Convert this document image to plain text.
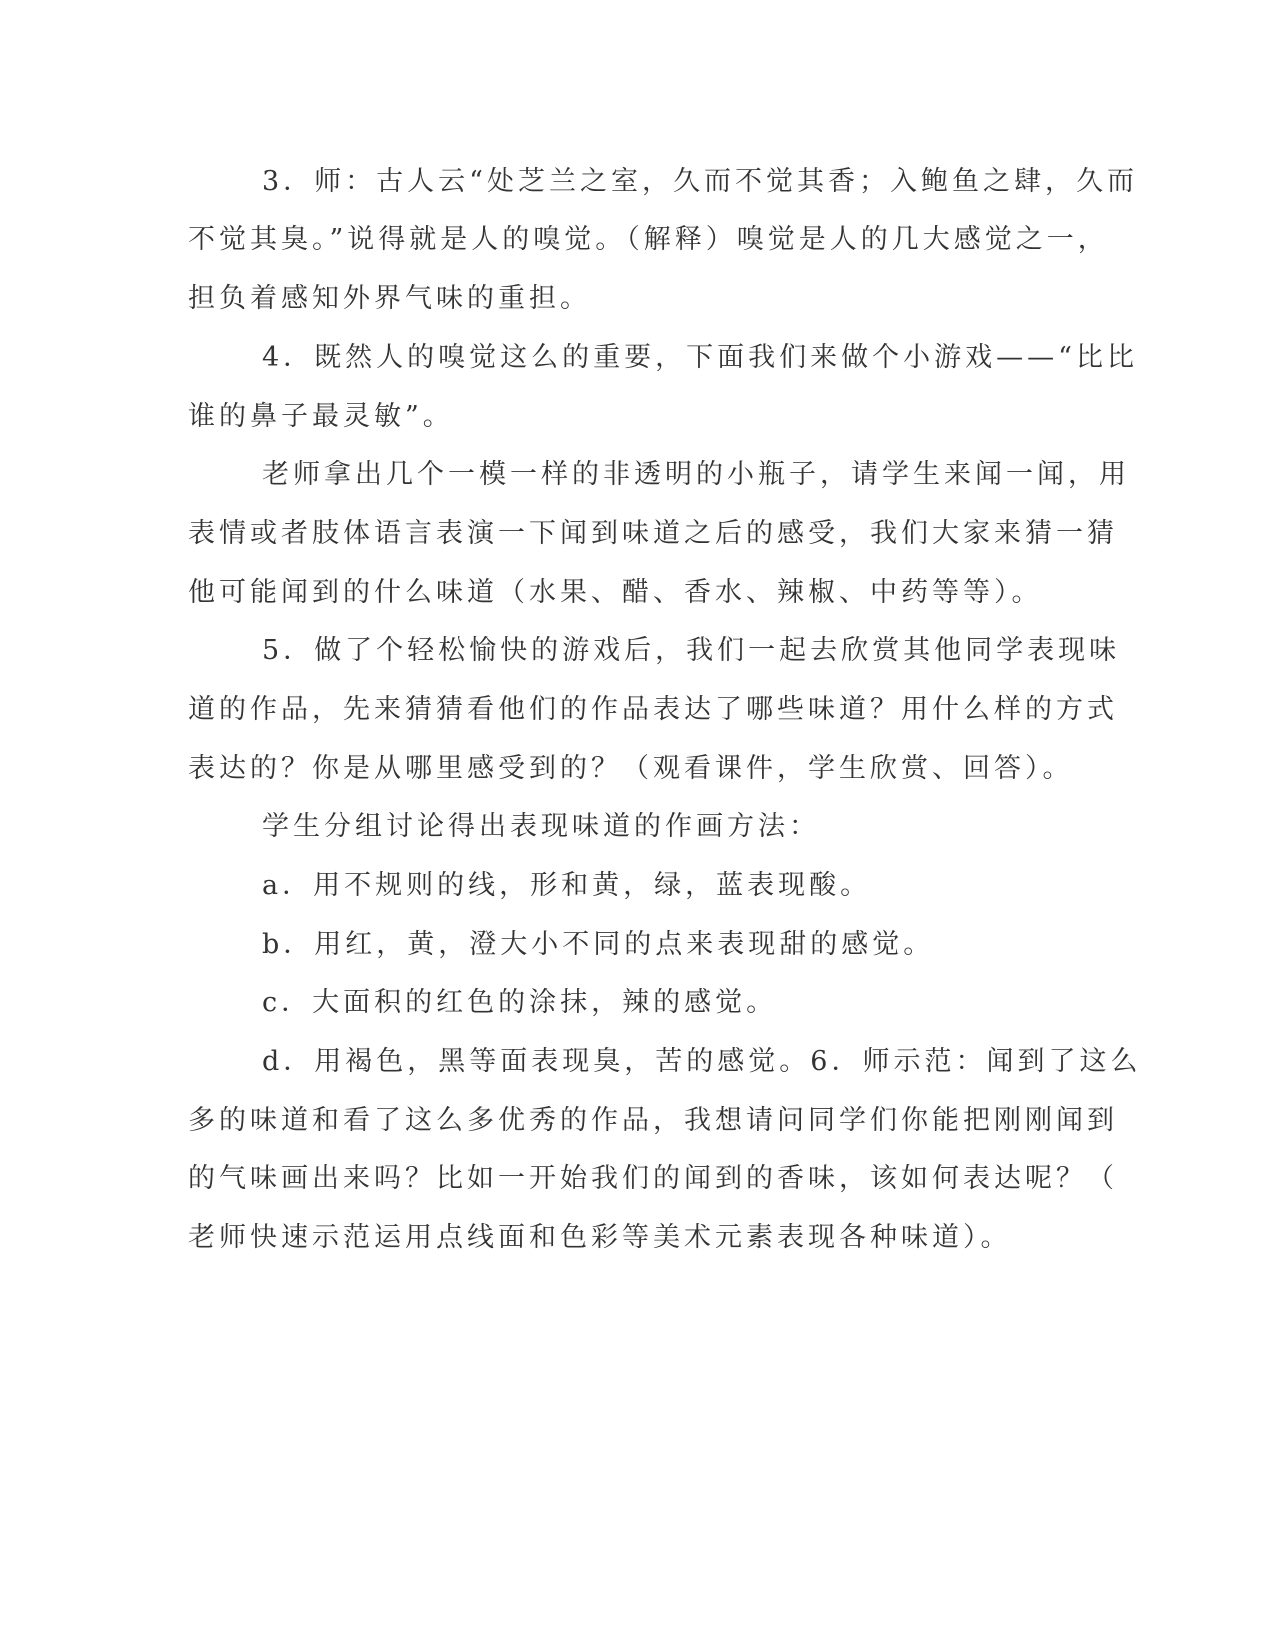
3．师：古人云“处芝兰之室，久而不觉其香；入鲍鱼之肆，久而
不觉其臭。”说得就是人的嗅觉。（解释）嗅觉是人的几大感觉之一，
担负着感知外界气味的重担。
4．既然人的嗅觉这么的重要，下面我们来做个小游戏——“比比
谁的鼻子最灵敏”。
老师拿出几个一模一样的非透明的小瓶子，请学生来闻一闻，用
表情或者肢体语言表演一下闻到味道之后的感受，我们大家来猜一猜
他可能闻到的什么味道（水果、醋、香水、辣椒、中药等等）。
5．做了个轻松愉快的游戏后，我们一起去欣赏其他同学表现味
道的作品，先来猜猜看他们的作品表达了哪些味道？用什么样的方式
表达的？你是从哪里感受到的？（观看课件，学生欣赏、回答）。
学生分组讨论得出表现味道的作画方法：
a．用不规则的线，形和黄，绿，蓝表现酸。
b．用红，黄，澄大小不同的点来表现甜的感觉。
c．大面积的红色的涂抹，辣的感觉。
d．用褐色，黑等面表现臭，苦的感觉。6．师示范：闻到了这么
多的味道和看了这么多优秀的作品，我想请问同学们你能把刚刚闻到
的气味画出来吗？比如一开始我们的闻到的香味，该如何表达呢？（
老师快速示范运用点线面和色彩等美术元素表现各种味道）。
